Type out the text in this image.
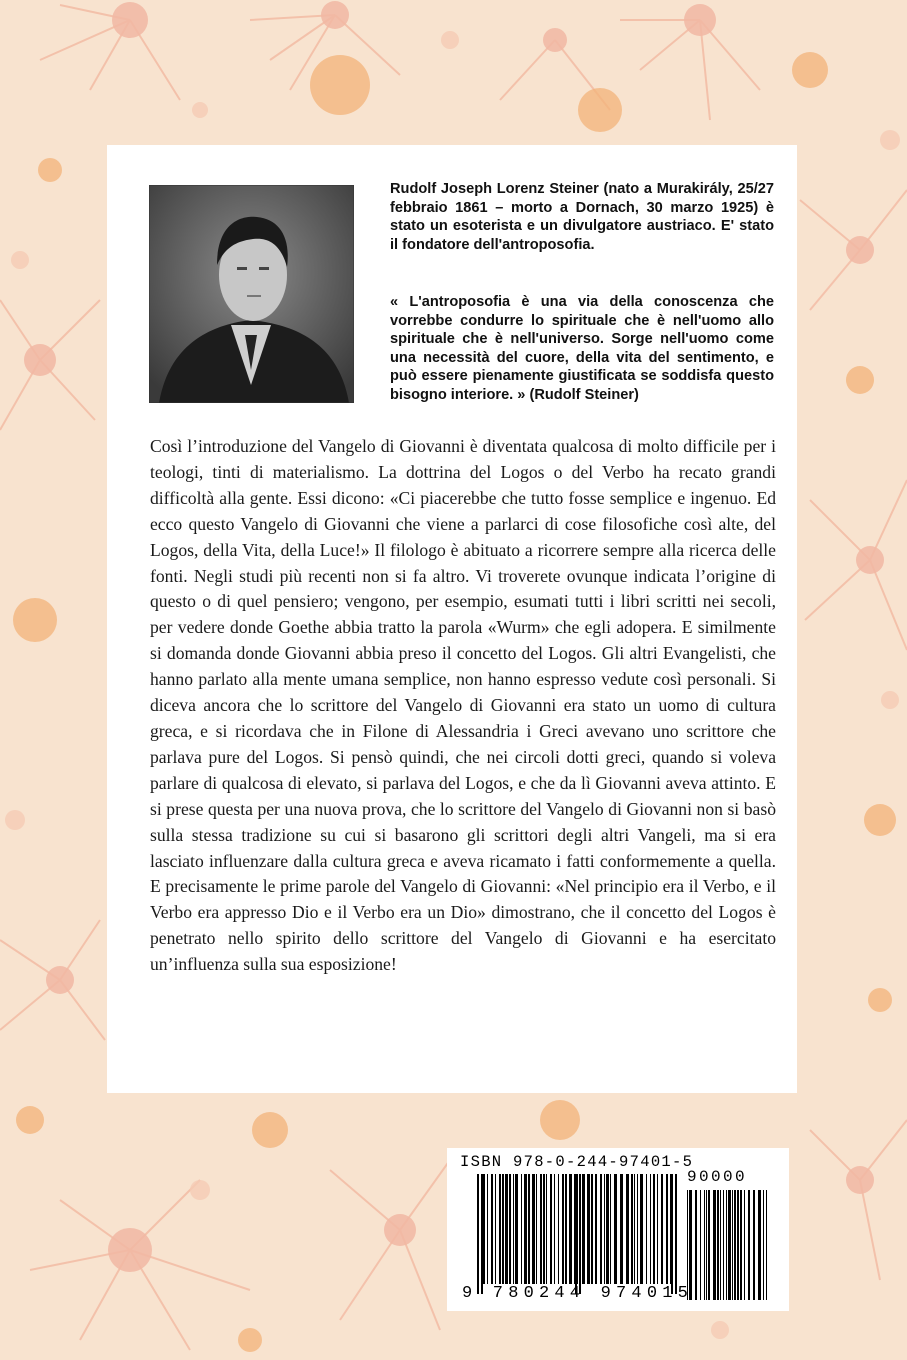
Rudolf Joseph Lorenz Steiner (nato a Murakirály, 25/27 febbraio 1861 – morto a Dornach, 30 marzo 1925) è stato un esoterista e un divulgatore austriaco. E' stato il fondatore dell'antroposofia.

« L'antroposofia è una via della conoscenza che vorrebbe condurre lo spirituale che è nell'uomo allo spirituale che è nell'universo. Sorge nell'uomo come una necessità del cuore, della vita del sentimento, e può essere pienamente giustificata se soddisfa questo bisogno interiore. » (Rudolf Steiner)

Così l’introduzione del Vangelo di Giovanni è diventata qualcosa di molto difficile per i teologi, tinti di materialismo. La dottrina del Logos o del Verbo ha recato grandi difficoltà alla gente. Essi dicono: «Ci piacerebbe che tutto fosse semplice e ingenuo. Ed ecco questo Vangelo di Giovanni che viene a parlarci di cose filosofiche così alte, del Logos, della Vita, della Luce!» Il filologo è abituato a ricorrere sempre alla ricerca delle fonti. Negli studi più recenti non si fa altro. Vi troverete ovunque indicata l’origine di questo o di quel pensiero; vengono, per esempio, esumati tutti i libri scritti nei secoli, per vedere donde Goethe abbia tratto la parola «Wurm» che egli adopera. E similmente si domanda donde Giovanni abbia preso il concetto del Logos. Gli altri Evangelisti, che hanno parlato alla mente umana semplice, non hanno espresso vedute così personali. Si diceva ancora che lo scrittore del Vangelo di Giovanni era stato un uomo di cultura greca, e si ricordava che in Filone di Alessandria i Greci avevano uno scrittore che parlava pure del Logos. Si pensò quindi, che nei circoli dotti greci, quando si voleva parlare di qualcosa di elevato, si parlava del Logos, e che da lì Giovanni aveva attinto. E si prese questa per una nuova prova, che lo scrittore del Vangelo di Giovanni non si basò sulla stessa tradizione su cui si basarono gli scrittori degli altri Vangeli, ma si era lasciato influenzare dalla cultura greca e aveva ricamato i fatti conformemente a quella. E precisamente le prime parole del Vangelo di Giovanni: «Nel principio era il Verbo, e il Verbo era appresso Dio e il Verbo era un Dio» dimostrano, che il concetto del Logos è penetrato nello spirito dello scrittore del Vangelo di Giovanni e ha esercitato un’influenza sulla sua esposizione!

ISBN 978-0-244-97401-5
90000
9 780244 974015
